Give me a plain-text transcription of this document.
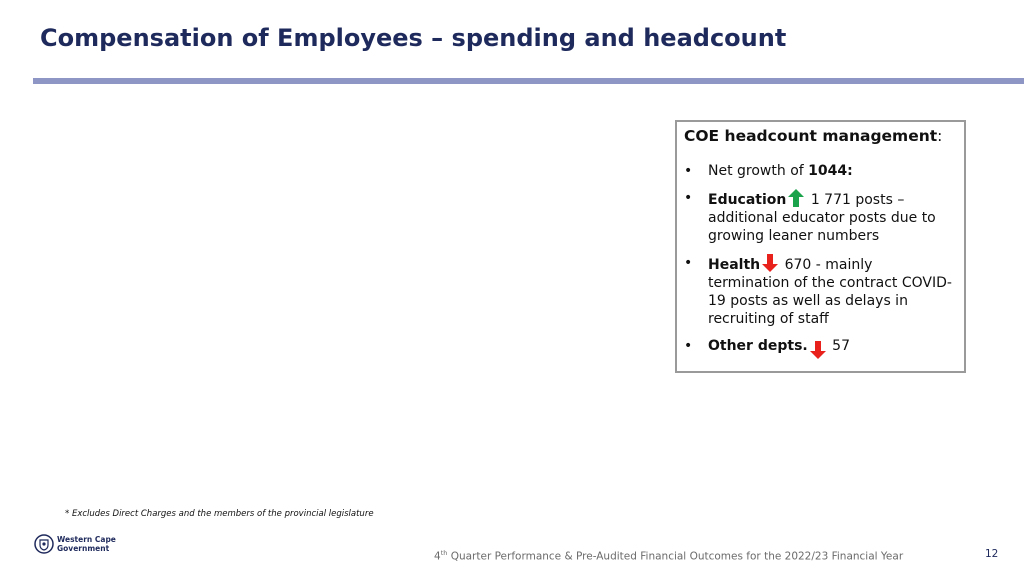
Compensation of Employees – spending and headcount
COE headcount management:
• Net growth of 1044:
• Education 1 771 posts – additional educator posts due to growing leaner numbers
• Health 670 - mainly termination of the contract COVID-19 posts as well as delays in recruiting of staff
• Other depts. 57
* Excludes Direct Charges and the members of the provincial legislature
Western Cape
Government
4th Quarter Performance & Pre-Audited Financial Outcomes for the 2022/23 Financial Year	12
